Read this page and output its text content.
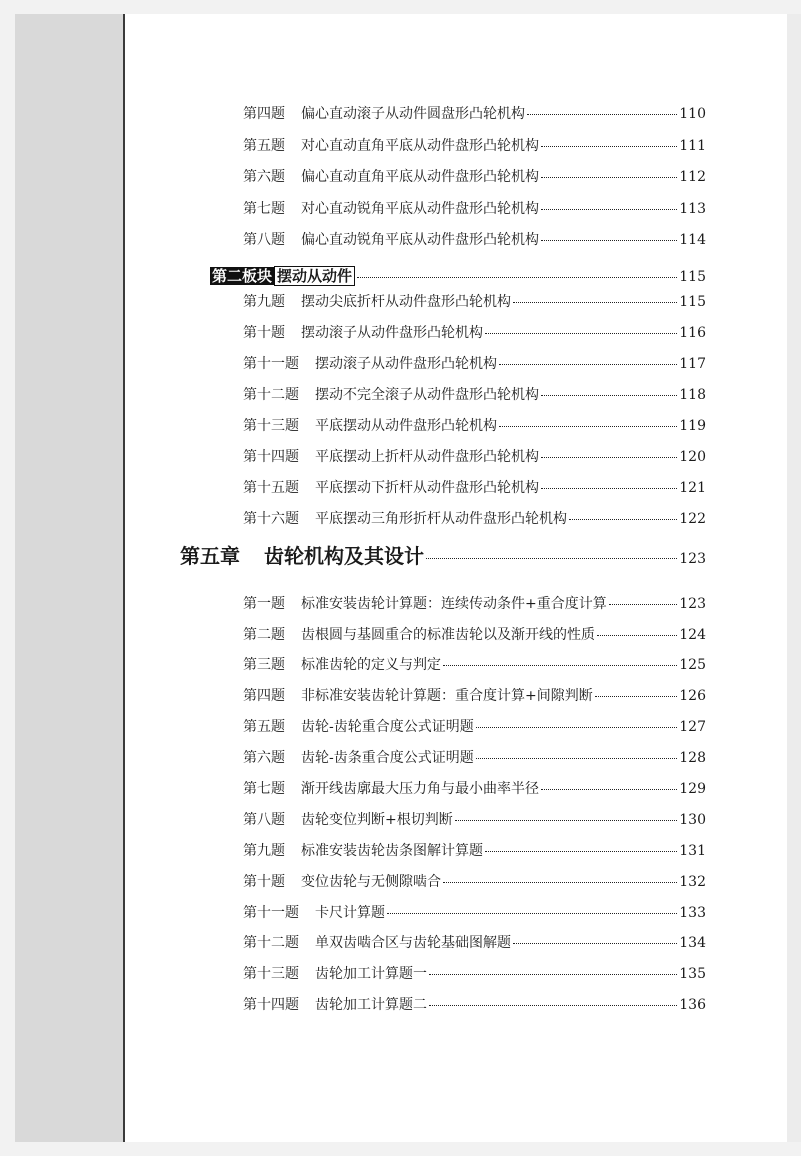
第四题 偏心直动滚子从动件圆盘形凸轮机构	110
第五题 对心直动直角平底从动件盘形凸轮机构	111
第六题 偏心直动直角平底从动件盘形凸轮机构	112
第七题 对心直动锐角平底从动件盘形凸轮机构	113
第八题 偏心直动锐角平底从动件盘形凸轮机构	114
第二板块 摆动从动件	115
第九题 摆动尖底折杆从动件盘形凸轮机构	115
第十题 摆动滚子从动件盘形凸轮机构	116
第十一题 摆动滚子从动件盘形凸轮机构	117
第十二题 摆动不完全滚子从动件盘形凸轮机构	118
第十三题 平底摆动从动件盘形凸轮机构	119
第十四题 平底摆动上折杆从动件盘形凸轮机构	120
第十五题 平底摆动下折杆从动件盘形凸轮机构	121
第十六题 平底摆动三角形折杆从动件盘形凸轮机构	122
第五章 齿轮机构及其设计	123
第一题 标准安装齿轮计算题：连续传动条件+重合度计算	123
第二题 齿根圆与基圆重合的标准齿轮以及渐开线的性质	124
第三题 标准齿轮的定义与判定	125
第四题 非标准安装齿轮计算题：重合度计算+间隙判断	126
第五题 齿轮-齿轮重合度公式证明题	127
第六题 齿轮-齿条重合度公式证明题	128
第七题 渐开线齿廓最大压力角与最小曲率半径	129
第八题 齿轮变位判断+根切判断	130
第九题 标准安装齿轮齿条图解计算题	131
第十题 变位齿轮与无侧隙啮合	132
第十一题 卡尺计算题	133
第十二题 单双齿啮合区与齿轮基础图解题	134
第十三题 齿轮加工计算题一	135
第十四题 齿轮加工计算题二	136
